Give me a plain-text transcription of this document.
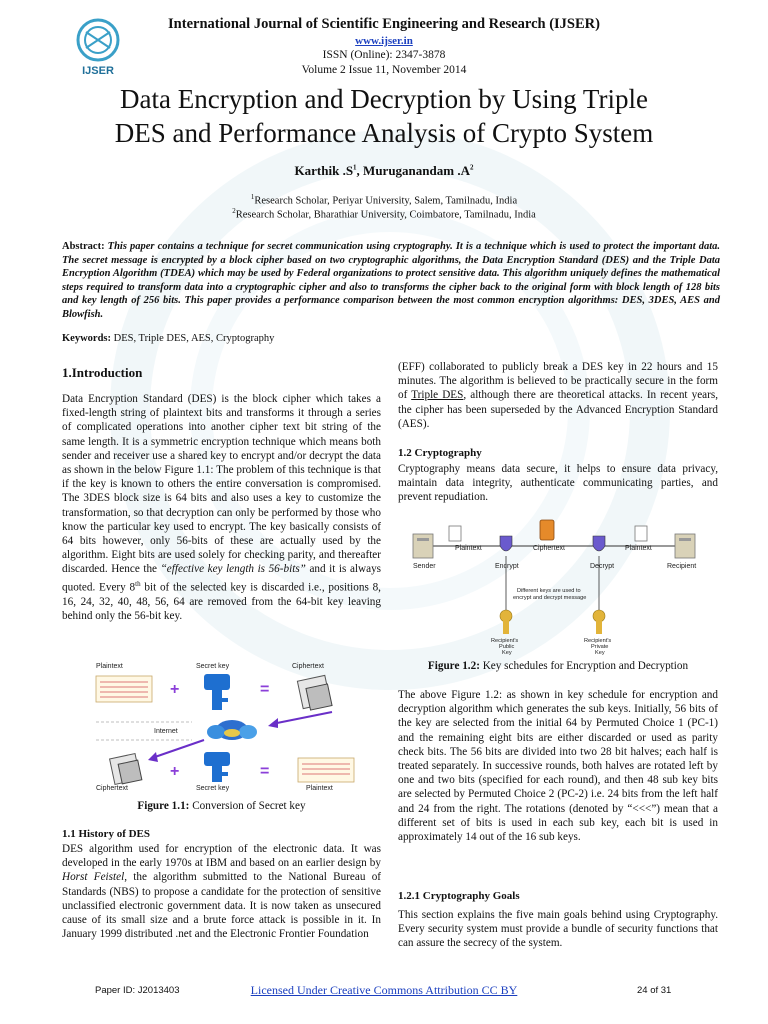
IJSER
International Journal of Scientific Engineering and Research (IJSER)
www.ijser.in
ISSN (Online): 2347-3878
Volume 2 Issue 11, November 2014
Data Encryption and Decryption by Using Triple
DES and Performance Analysis of Crypto System
Karthik $.S^1$, Muruganandam $.A^2$
$^1$Research Scholar, Periyar University, Salem, Tamilnadu, India
$^2$Research Scholar, Bharathiar University, Coimbatore, Tamilnadu, India
Abstract: This paper contains a technique for secret communication using cryptography. It is a technique which is used to protect the important data. The secret message is encrypted by a block cipher based on two cryptographic algorithms, the Data Encryption Standard (DES) and the Triple Data Encryption Algorithm (TDEA) which may be used by Federal organizations to protect sensitive data. This algorithm uniquely defines the mathematical steps required to transform data into a cryptographic cipher and also to transforms the cipher back to the original form with block length of 128 bits and key length of 256 bits. This paper provides a performance comparison between the most common encryption algorithms: DES, 3DES, AES and Blowfish.
Keywords: DES, Triple DES, AES, Cryptography
1.Introduction
Data Encryption Standard (DES) is the block cipher which takes a fixed-length string of plaintext bits and transforms it through a series of complicated operations into another cipher text bit string of the same length. It is a symmetric encryption technique which means both sender and receiver use a shared key to encrypt and/or decrypt the data as shown in the below Figure 1.1: The problem of this technique is that if the key is known to others the entire conversation is compromised. The 3DES block size is 64 bits and also uses a key to customize the transformation, so that decryption can only be performed by those who know the particular key used to encrypt. The key basically consists of 64 bits however, only 56-bits of these are actually used by the algorithm. Eight bits are used solely for checking parity, and thereafter discarded. Hence the “effective key length is 56-bits” and it is always quoted. Every 8th bit of the selected key is discarded i.e., positions 8, 16, 24, 32, 40, 48, 56, 64 are removed from the 64-bit key leaving behind only the 56-bit key.
Plaintext	Secret key	Ciphertext
+	=
Internet
+	=
Ciphertext	Secret key	Plaintext
Figure 1.1: Conversion of Secret key
1.1 History of DES
DES algorithm used for encryption of the electronic data. It was developed in the early 1970s at IBM and based on an earlier design by Horst Feistel, the algorithm submitted to the National Bureau of Standards (NBS) to propose a candidate for the protection of sensitive unclassified electronic government data. It is now taken as unsecured cause of its small size and a brute force attack is possible in it. In January 1999 distributed .net and the Electronic Frontier Foundation
(EFF) collaborated to publicly break a DES key in 22 hours and 15 minutes. The algorithm is believed to be practically secure in the form of Triple DES, although there are theoretical attacks. In recent years, the cipher has been superseded by the Advanced Encryption Standard (AES).
1.2 Cryptography
Cryptography means data secure, it helps to ensure data privacy, maintain data integrity, authenticate communicating parties, and prevent repudiation.
Sender
Plaintext
Encrypt
Ciphertext
Decrypt
Plaintext
Recipient
Different keys are used to
encrypt and decrypt message
Recipient's
Public
Key
Recipient's
Private
Key
Figure 1.2: Key schedules for Encryption and Decryption
The above Figure 1.2: as shown in key schedule for encryption and decryption algorithm which generates the sub keys. Initially, 56 bits of the key are selected from the initial 64 by Permuted Choice 1 (PC-1) and the remaining eight bits are either discarded or used as parity check bits. The 56 bits are divided into two 28 bit halves; each half is treated separately. In successive rounds, both halves are rotated left by one and two bits (specified for each round), and then 48 sub key bits are selected by Permuted Choice 2 (PC-2) i.e. 24 bits from the left half and 24 from the right. The rotations (denoted by “<<<”) mean that a different set of bits is used in each sub key, each bit is used in approximately 14 out of the 16 sub keys.
1.2.1 Cryptography Goals
This section explains the five main goals behind using Cryptography. Every security system must provide a bundle of security functions that can assure the secrecy of the system.
Paper ID: J2013403	Licensed Under Creative Commons Attribution CC BY	24 of 31
